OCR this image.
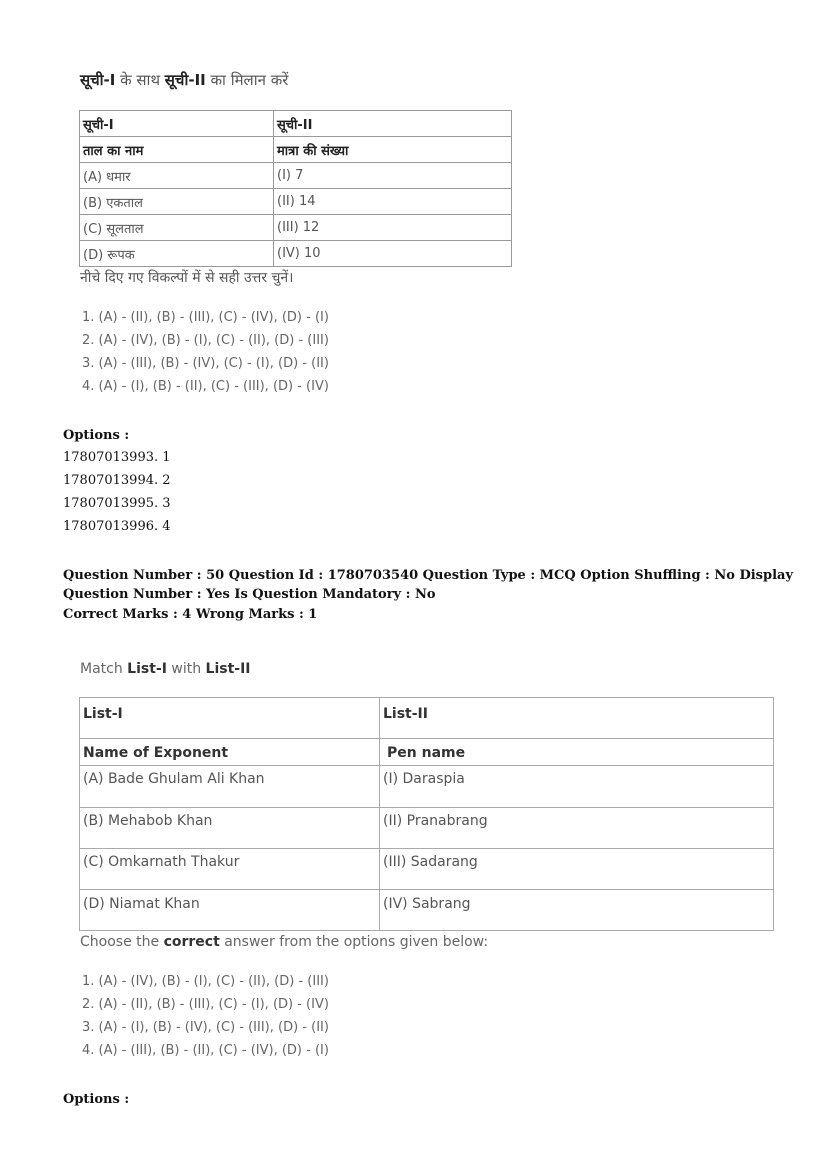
सूची-I के साथ सूची-II का मिलान करें
सूची-I	सूची-II
ताल का नाम	मात्रा की संख्या
(A) धमार	(I) 7
(B) एकताल	(II) 14
(C) सूलताल	(III) 12
(D) रूपक	(IV) 10
नीचे दिए गए विकल्पों में से सही उत्तर चुनें।
1. (A) - (II), (B) - (III), (C) - (IV), (D) - (I)
2. (A) - (IV), (B) - (I), (C) - (II), (D) - (III)
3. (A) - (III), (B) - (IV), (C) - (I), (D) - (II)
4. (A) - (I), (B) - (II), (C) - (III), (D) - (IV)
Options :
17807013993. 1
17807013994. 2
17807013995. 3
17807013996. 4
Question Number : 50 Question Id : 1780703540 Question Type : MCQ Option Shuffling : No Display
Question Number : Yes Is Question Mandatory : No
Correct Marks : 4 Wrong Marks : 1
Match List-I with List-II
List-I	List-II
Name of Exponent	Pen name
(A) Bade Ghulam Ali Khan	(I) Daraspia
(B) Mehabob Khan	(II) Pranabrang
(C) Omkarnath Thakur	(III) Sadarang
(D) Niamat Khan	(IV) Sabrang
Choose the correct answer from the options given below:
1. (A) - (IV), (B) - (I), (C) - (II), (D) - (III)
2. (A) - (II), (B) - (III), (C) - (I), (D) - (IV)
3. (A) - (I), (B) - (IV), (C) - (III), (D) - (II)
4. (A) - (III), (B) - (II), (C) - (IV), (D) - (I)
Options :
